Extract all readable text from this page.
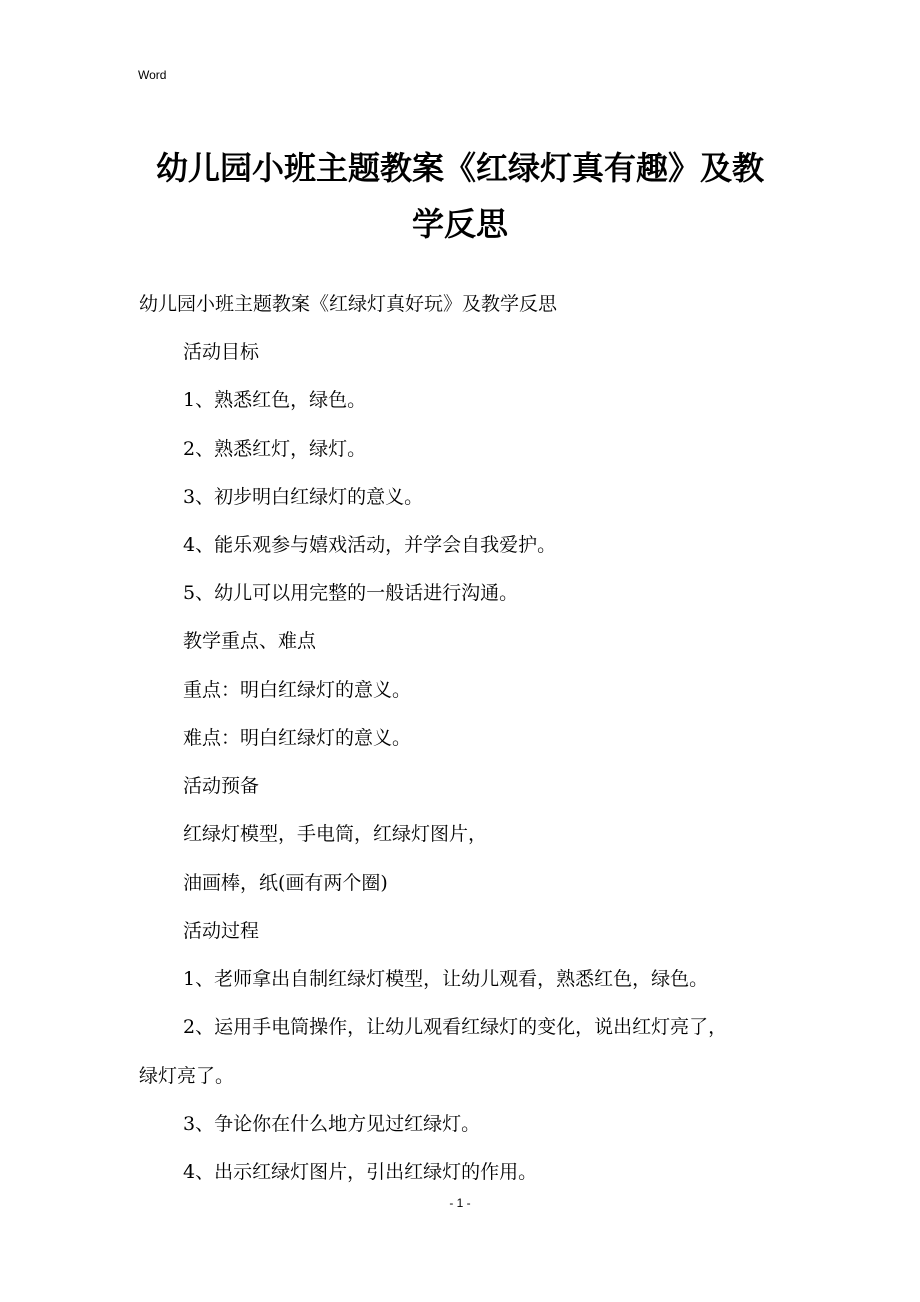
Word
幼儿园小班主题教案《红绿灯真有趣》及教
学反思

幼儿园小班主题教案《红绿灯真好玩》及教学反思

活动目标

1、熟悉红色，绿色。

2、熟悉红灯，绿灯。

3、初步明白红绿灯的意义。

4、能乐观参与嬉戏活动，并学会自我爱护。

5、幼儿可以用完整的一般话进行沟通。

教学重点、难点

重点：明白红绿灯的意义。

难点：明白红绿灯的意义。

活动预备

红绿灯模型，手电筒，红绿灯图片，

油画棒，纸(画有两个圈)

活动过程

1、老师拿出自制红绿灯模型，让幼儿观看，熟悉红色，绿色。

2、运用手电筒操作，让幼儿观看红绿灯的变化，说出红灯亮了，

绿灯亮了。

3、争论你在什么地方见过红绿灯。

4、出示红绿灯图片，引出红绿灯的作用。

- 1 -
